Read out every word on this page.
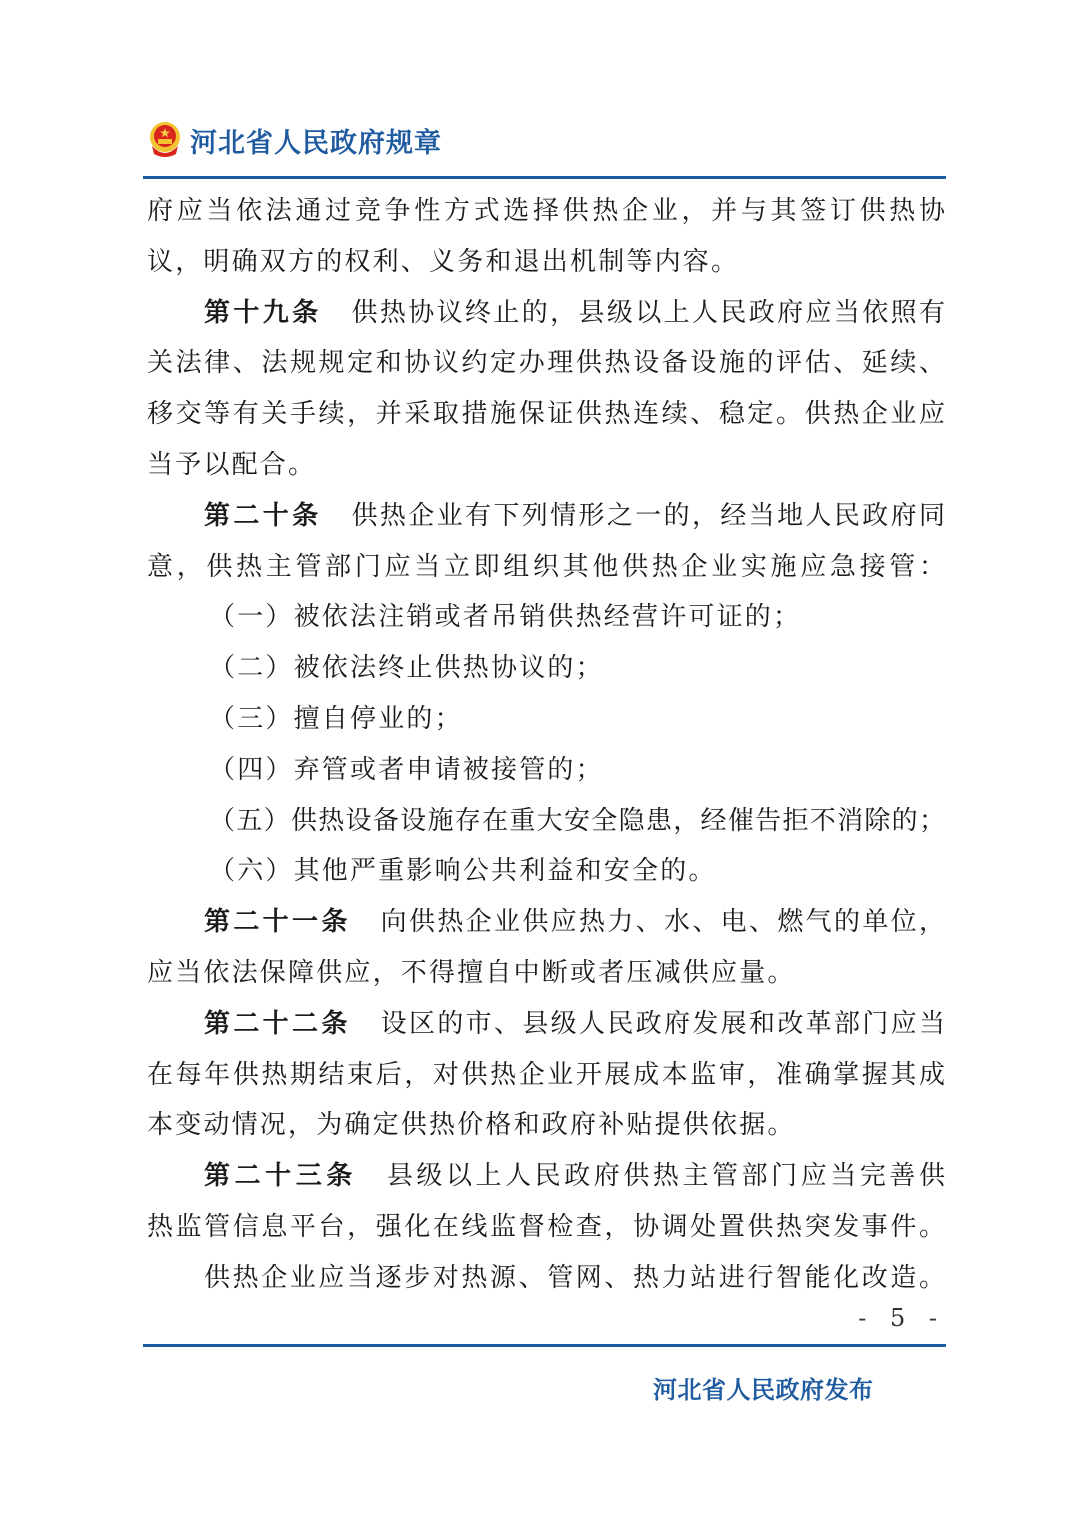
河北省人民政府规章
府应当依法通过竞争性方式选择供热企业，并与其签订供热协
议，明确双方的权利、义务和退出机制等内容。
第十九条 供热协议终止的，县级以上人民政府应当依照有
关法律、法规规定和协议约定办理供热设备设施的评估、延续、
移交等有关手续，并采取措施保证供热连续、稳定。供热企业应
当予以配合。
第二十条 供热企业有下列情形之一的，经当地人民政府同
意，供热主管部门应当立即组织其他供热企业实施应急接管：
（一）被依法注销或者吊销供热经营许可证的；
（二）被依法终止供热协议的；
（三）擅自停业的；
（四）弃管或者申请被接管的；
（五）供热设备设施存在重大安全隐患，经催告拒不消除的；
（六）其他严重影响公共利益和安全的。
第二十一条 向供热企业供应热力、水、电、燃气的单位，
应当依法保障供应，不得擅自中断或者压减供应量。
第二十二条 设区的市、县级人民政府发展和改革部门应当
在每年供热期结束后，对供热企业开展成本监审，准确掌握其成
本变动情况，为确定供热价格和政府补贴提供依据。
第二十三条 县级以上人民政府供热主管部门应当完善供
热监管信息平台，强化在线监督检查，协调处置供热突发事件。
供热企业应当逐步对热源、管网、热力站进行智能化改造。
- 5 -
河北省人民政府发布
